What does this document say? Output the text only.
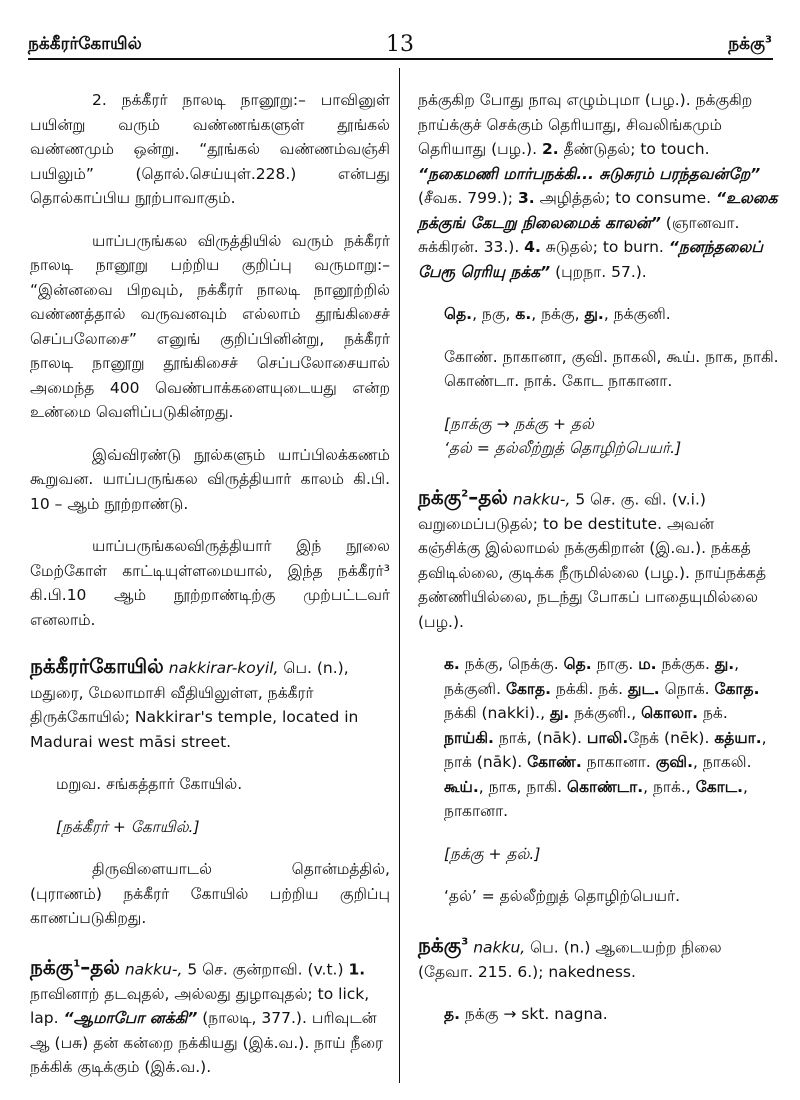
நக்கீரர்கோயில்	13	நக்கு$^3$

2. நக்கீரர் நாலடி நானூறு:– பாவினுள் பயின்று வரும் வண்ணங்களுள் தூங்கல் வண்ணமும் ஒன்று. “தூங்கல் வண்ணம்வஞ்சி பயிலும்” (தொல்.செய்யுள்.228.) என்பது தொல்காப்பிய நூற்பாவாகும்.

யாப்பருங்கல விருத்தியில் வரும் நக்கீரர் நாலடி நானூறு பற்றிய குறிப்பு வருமாறு:– “இன்னவை பிறவும், நக்கீரர் நாலடி நானூற்றில் வண்ணத்தால் வருவனவும் எல்லாம் தூங்கிசைச் செப்பலோசை” எனுங் குறிப்பினின்று, நக்கீரர் நாலடி நானூறு தூங்கிசைச் செப்பலோசையால் அமைந்த 400 வெண்பாக்களையுடையது என்ற உண்மை வெளிப்படுகின்றது.

இவ்விரண்டு நூல்களும் யாப்பிலக்கணம் கூறுவன. யாப்பருங்கல விருத்தியார் காலம் கி.பி. 10 – ஆம் நூற்றாண்டு.

யாப்பருங்கலவிருத்தியார் இந் நூலை மேற்கோள் காட்டியுள்ளமையால், இந்த நக்கீரர்³ கி.பி.10 ஆம் நூற்றாண்டிற்கு முற்பட்டவர் எனலாம்.

நக்கீரர்கோயில் nakkirar-koyil, பெ. (n.), மதுரை, மேலாமாசி வீதியிலுள்ள, நக்கீரர் திருக்கோயில்; Nakkirar's temple, located in Madurai west māsi street.

மறுவ. சங்கத்தார் கோயில்.

[நக்கீரர் + கோயில்.]

திருவிளையாடல் தொன்மத்தில், (புராணம்) நக்கீரர் கோயில் பற்றிய குறிப்பு காணப்படுகிறது.

நக்கு$^1$–தல் nakku-, 5 செ. குன்றாவி. (v.t.) 1. நாவினாற் தடவுதல், அல்லது துழாவுதல்; to lick, lap. “ஆமாபோ னக்கி” (நாலடி, 377.). பரிவுடன் ஆ (பசு) தன் கன்றை நக்கியது (இக்.வ.). நாய் நீரை நக்கிக் குடிக்கும் (இக்.வ.).

நக்குகிற போது நாவு எழும்புமா (பழ.). நக்குகிற நாய்க்குச் செக்கும் தெரியாது, சிவலிங்கமும் தெரியாது (பழ.). 2. தீண்டுதல்; to touch. “நகைமணி மார்பநக்கி... சுடுசுரம் பரந்தவன்றே” (சீவக. 799.); 3. அழித்தல்; to consume. “உலகை நக்குங் கேடறு நிலைமைக் காலன்” (ஞானவா. சுக்கிரன். 33.). 4. சுடுதல்; to burn. “நனந்தலைப் பேரூ ரெரியு நக்க” (புறநா. 57.).

தெ., நகு, க., நக்கு, து., நக்குனி.

கோண். நாகானா, குவி. நாகலி, கூய். நாக, நாகி. கொண்டா. நாக். கோட நாகானா.

[நாக்கு → நக்கு + தல்
‘தல் = தல்லீற்றுத் தொழிற்பெயர்.]

நக்கு$^2$–தல் nakku-, 5 செ. கு. வி. (v.i.) வறுமைப்படுதல்; to be destitute. அவன் கஞ்சிக்கு இல்லாமல் நக்குகிறான் (இ.வ.). நக்கத் தவிடில்லை, குடிக்க நீருமில்லை (பழ.). நாய்நக்கத் தண்ணியில்லை, நடந்து போகப் பாதையுமில்லை (பழ.).

க. நக்கு, நெக்கு. தெ. நாகு. ம. நக்குக. து., நக்குனி. கோத. நக்கி. நக். துட. நொக். கோத. நக்கி (nakki)., து. நக்குனி., கொலா. நக். நாய்கி. நாக், (nāk). பாலி.நேக் (nēk). கத்யா., நாக் (nāk). கோண். நாகானா. குவி., நாகலி. கூய்., நாக, நாகி. கொண்டா., நாக்., கோட., நாகானா.

[நக்கு + தல்.]

‘தல்’ = தல்லீற்றுத் தொழிற்பெயர்.

நக்கு$^3$ nakku, பெ. (n.) ஆடையற்ற நிலை (தேவா. 215. 6.); nakedness.

த. நக்கு → skt. nagna.
